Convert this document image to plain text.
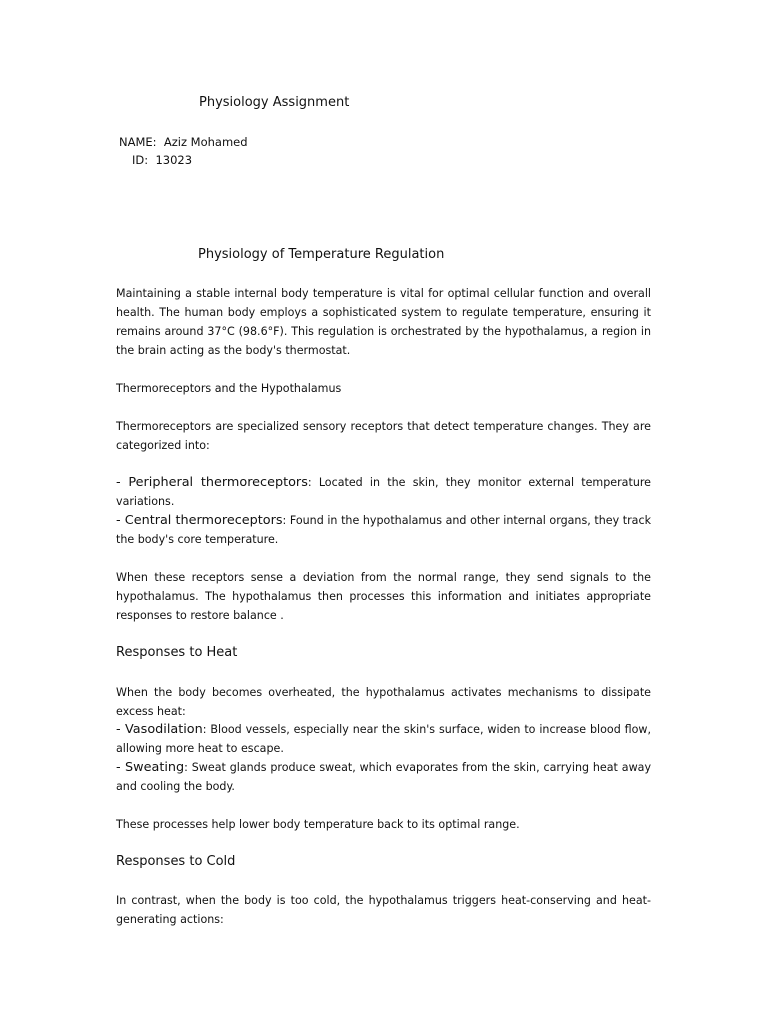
Physiology Assignment
NAME: Aziz Mohamed
ID: 13023
Physiology of Temperature Regulation

Maintaining a stable internal body temperature is vital for optimal cellular function and overall health. The human body employs a sophisticated system to regulate temperature, ensuring it remains around 37°C (98.6°F). This regulation is orchestrated by the hypothalamus, a region in the brain acting as the body's thermostat.

Thermoreceptors and the Hypothalamus

Thermoreceptors are specialized sensory receptors that detect temperature changes. They are categorized into:

- Peripheral thermoreceptors: Located in the skin, they monitor external temperature variations.

- Central thermoreceptors: Found in the hypothalamus and other internal organs, they track the body's core temperature.

When these receptors sense a deviation from the normal range, they send signals to the hypothalamus. The hypothalamus then processes this information and initiates appropriate responses to restore balance .

Responses to Heat

When the body becomes overheated, the hypothalamus activates mechanisms to dissipate excess heat:

- Vasodilation: Blood vessels, especially near the skin's surface, widen to increase blood flow, allowing more heat to escape.

- Sweating: Sweat glands produce sweat, which evaporates from the skin, carrying heat away and cooling the body.

These processes help lower body temperature back to its optimal range.

Responses to Cold

In contrast, when the body is too cold, the hypothalamus triggers heat-conserving and heat-generating actions:
